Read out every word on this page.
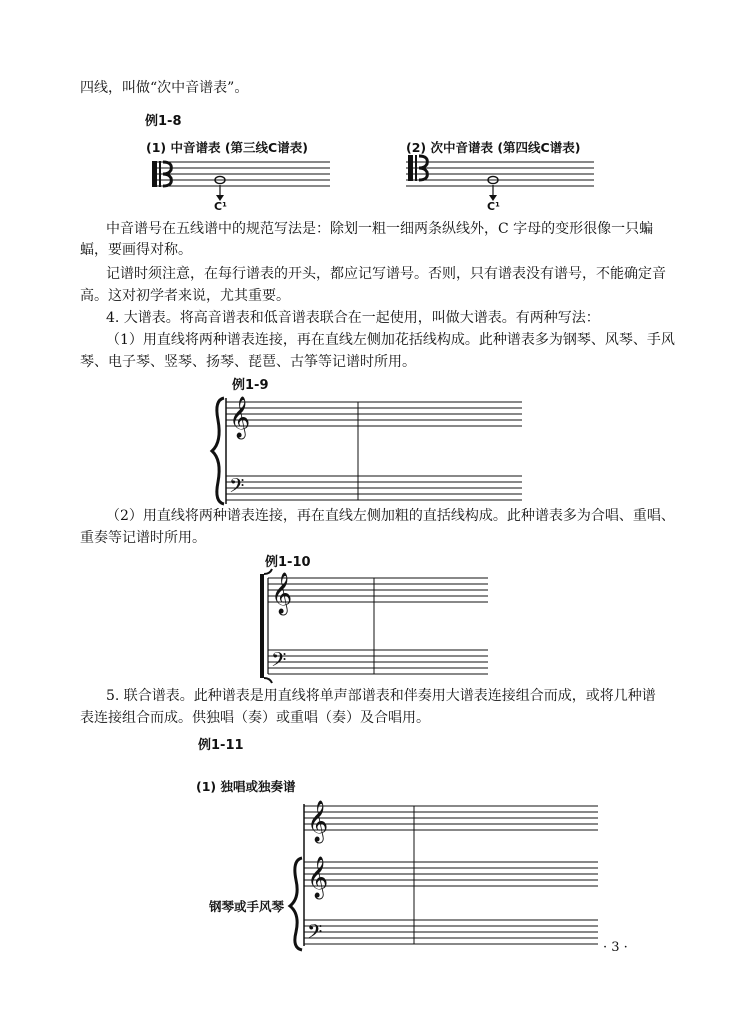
四线，叫做“次中音谱表”。
例1-8
(1) 中音谱表 (第三线C谱表)	(2) 次中音谱表 (第四线C谱表)
C¹	C¹
中音谱号在五线谱中的规范写法是：除划一粗一细两条纵线外，C 字母的变形很像一只蝙
蝠，要画得对称。
记谱时须注意，在每行谱表的开头，都应记写谱号。否则，只有谱表没有谱号，不能确定音
高。这对初学者来说，尤其重要。
4. 大谱表。将高音谱表和低音谱表联合在一起使用，叫做大谱表。有两种写法：
（1）用直线将两种谱表连接，再在直线左侧加花括线构成。此种谱表多为钢琴、风琴、手风
琴、电子琴、竖琴、扬琴、琵琶、古筝等记谱时所用。
例1-9
𝄞
𝄢
（2）用直线将两种谱表连接，再在直线左侧加粗的直括线构成。此种谱表多为合唱、重唱、
重奏等记谱时所用。
例1-10
𝄞
𝄢
5. 联合谱表。此种谱表是用直线将单声部谱表和伴奏用大谱表连接组合而成，或将几种谱
表连接组合而成。供独唱（奏）或重唱（奏）及合唱用。
例1-11
(1) 独唱或独奏谱
𝄞
𝄞
𝄢
钢琴或手风琴
· 3 ·
